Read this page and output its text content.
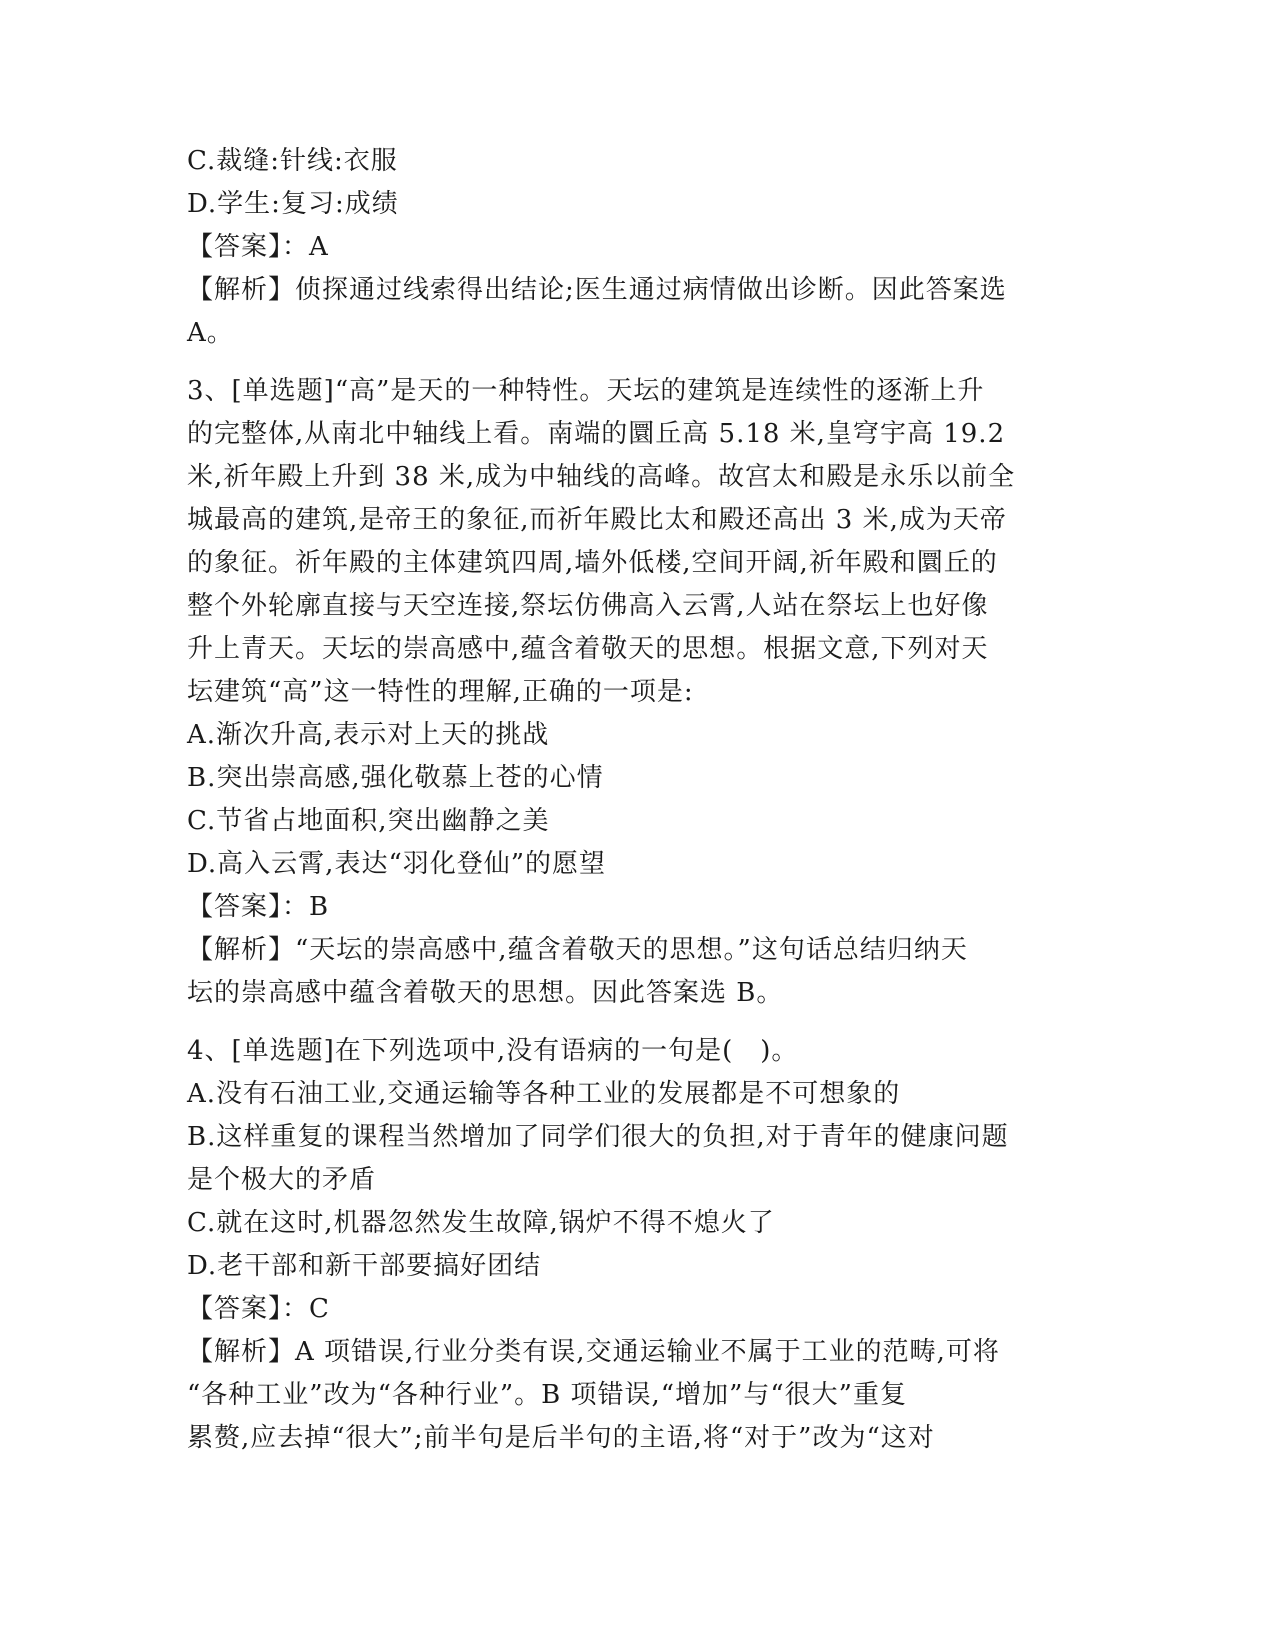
C.裁缝:针线:衣服
D.学生:复习:成绩
【答案】：A
【解析】侦探通过线索得出结论;医生通过病情做出诊断。因此答案选
A。
3、[单选题]“高”是天的一种特性。天坛的建筑是连续性的逐渐上升
的完整体,从南北中轴线上看。南端的圜丘高 5.18 米,皇穹宇高 19.2
米,祈年殿上升到 38 米,成为中轴线的高峰。故宫太和殿是永乐以前全
城最高的建筑,是帝王的象征,而祈年殿比太和殿还高出 3 米,成为天帝
的象征。祈年殿的主体建筑四周,墙外低楼,空间开阔,祈年殿和圜丘的
整个外轮廓直接与天空连接,祭坛仿佛高入云霄,人站在祭坛上也好像
升上青天。天坛的崇高感中,蕴含着敬天的思想。根据文意,下列对天
坛建筑“高”这一特性的理解,正确的一项是:
A.渐次升高,表示对上天的挑战
B.突出崇高感,强化敬慕上苍的心情
C.节省占地面积,突出幽静之美
D.高入云霄,表达“羽化登仙”的愿望
【答案】：B
【解析】“天坛的崇高感中,蕴含着敬天的思想。”这句话总结归纳天
坛的崇高感中蕴含着敬天的思想。因此答案选 B。
4、[单选题]在下列选项中,没有语病的一句是(　)。
A.没有石油工业,交通运输等各种工业的发展都是不可想象的
B.这样重复的课程当然增加了同学们很大的负担,对于青年的健康问题
是个极大的矛盾
C.就在这时,机器忽然发生故障,锅炉不得不熄火了
D.老干部和新干部要搞好团结
【答案】：C
【解析】A 项错误,行业分类有误,交通运输业不属于工业的范畴,可将
“各种工业”改为“各种行业”。B 项错误,“增加”与“很大”重复
累赘,应去掉“很大”;前半句是后半句的主语,将“对于”改为“这对
